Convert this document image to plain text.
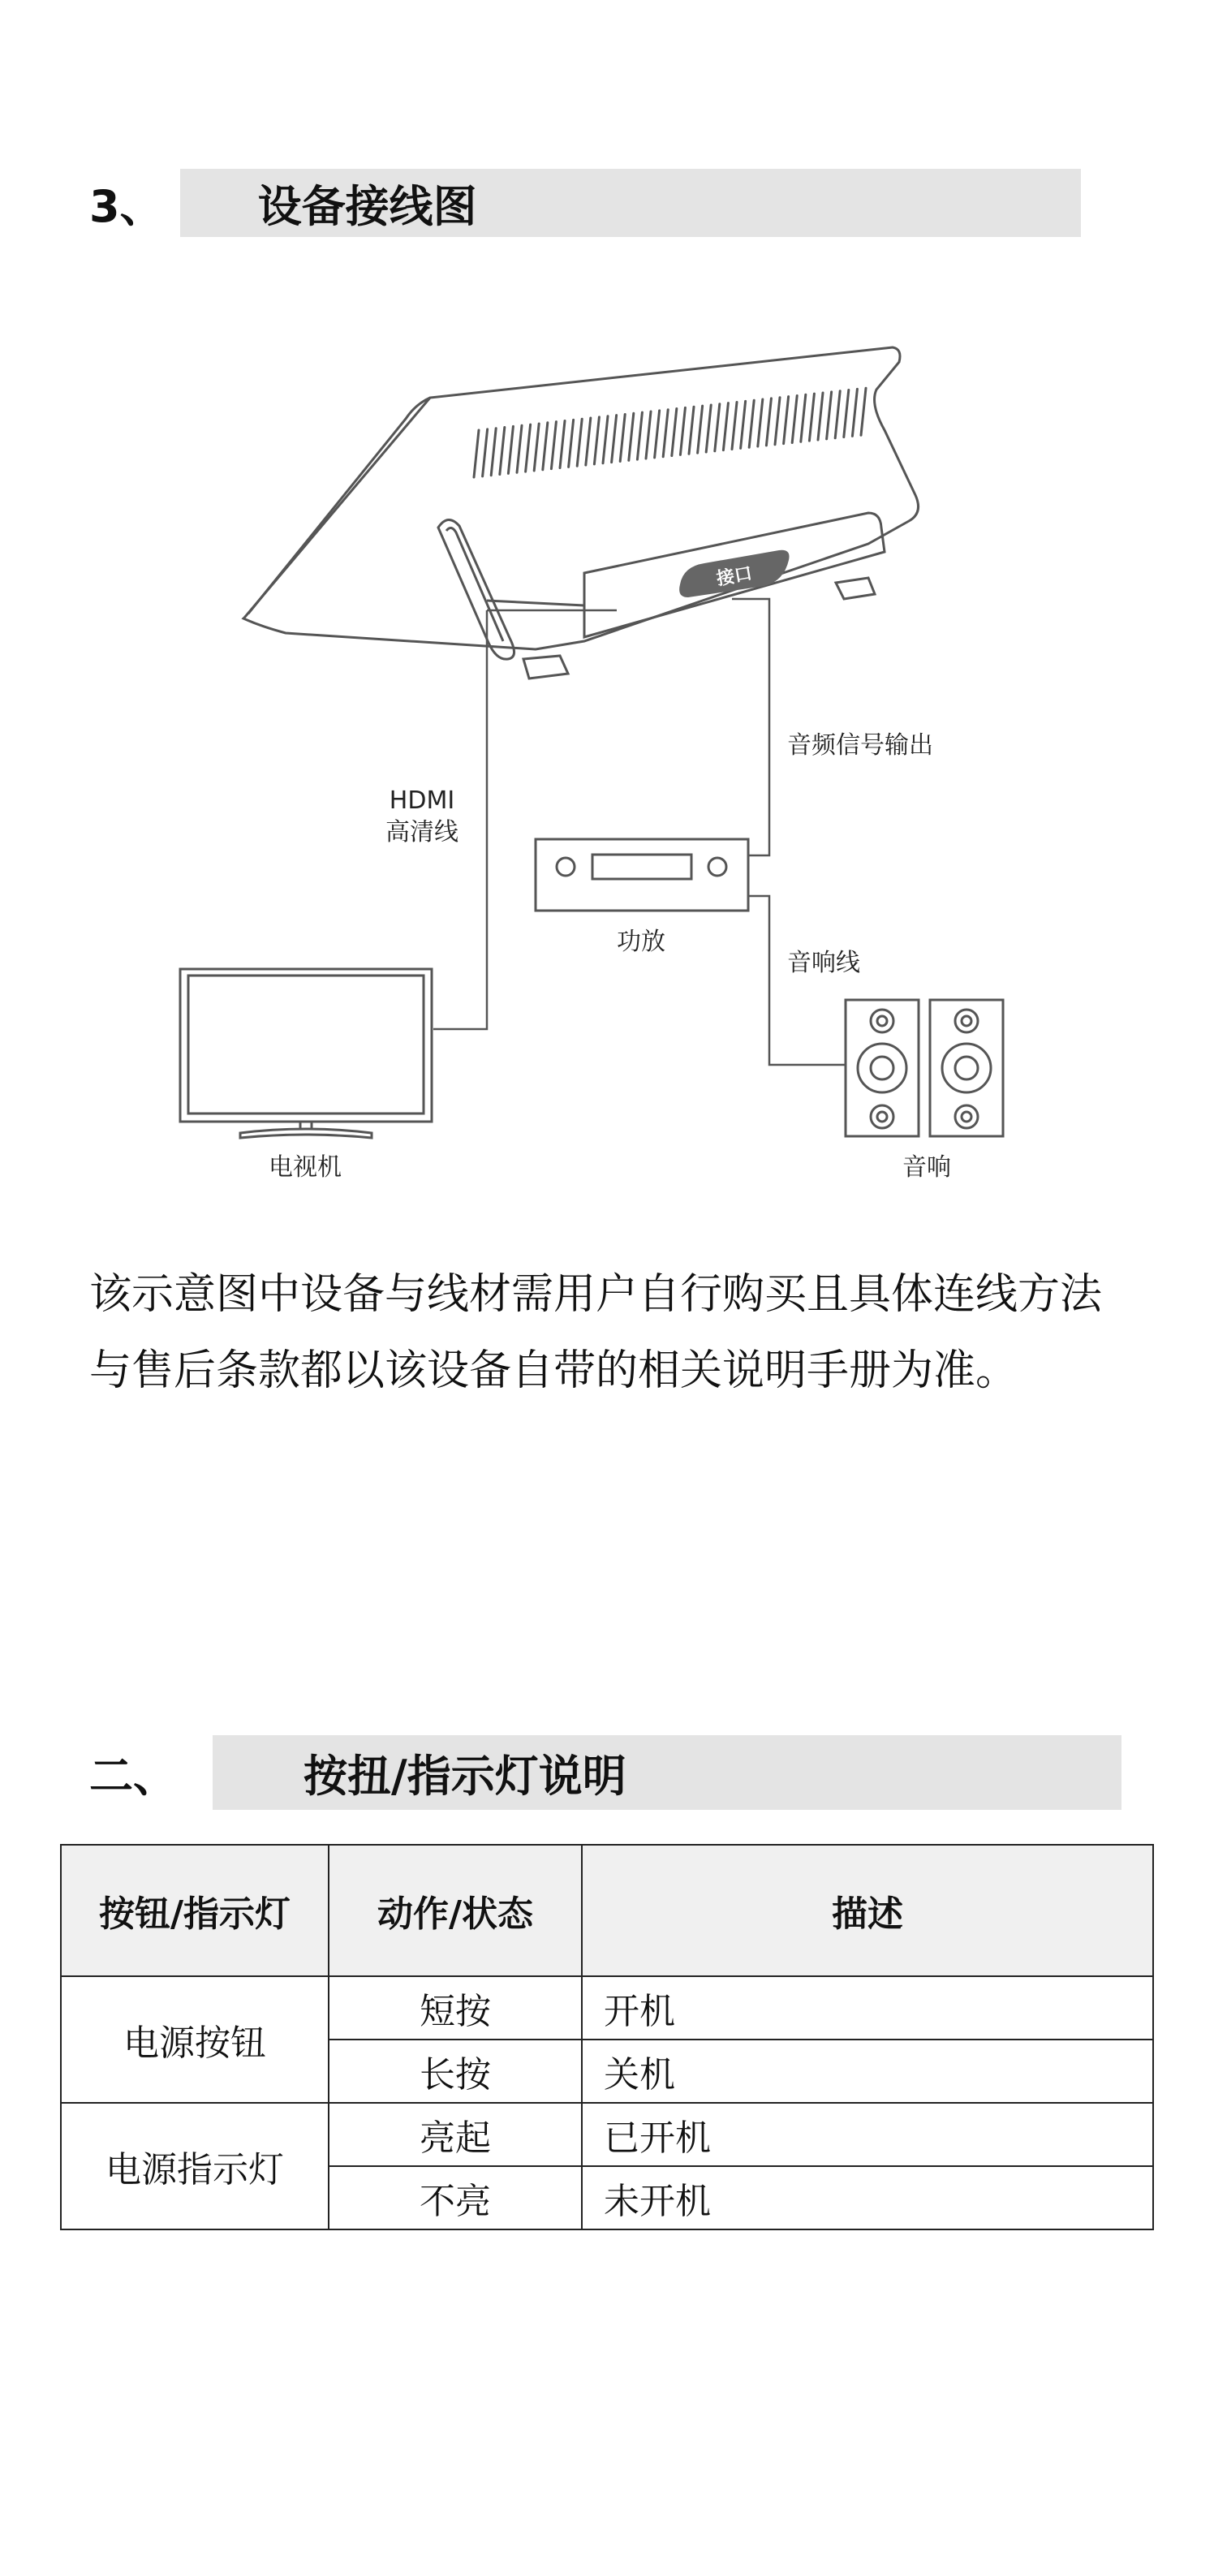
3、 设备接线图
接口
音频信号输出
HDMI
高清线
功放
音响线
电视机	音响
该示意图中设备与线材需用户自行购买且具体连线方法
与售后条款都以该设备自带的相关说明手册为准。
二、	按扭/指示灯说明
按钮/指示灯	动作/状态	描述
电源按钮	短按	开机
	长按	关机
电源指示灯	亮起	已开机
	不亮	未开机
